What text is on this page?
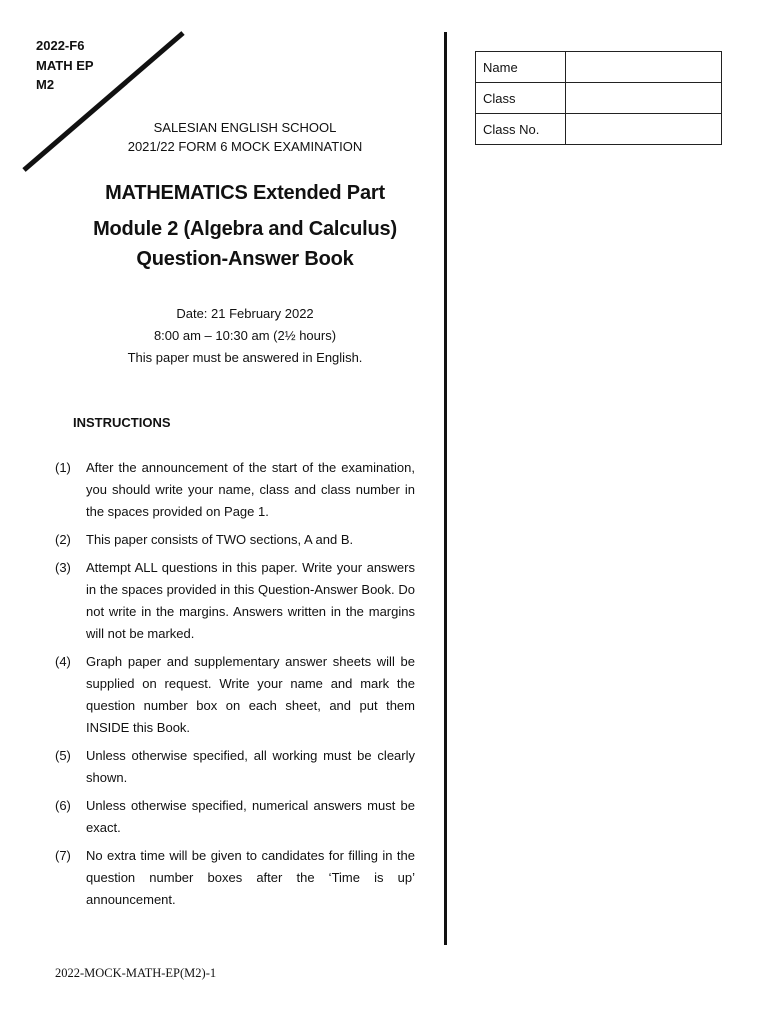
2022-F6
MATH EP
M2
SALESIAN ENGLISH SCHOOL
2021/22 FORM 6 MOCK EXAMINATION
MATHEMATICS Extended Part
Module 2 (Algebra and Calculus)
Question-Answer Book
Date: 21 February 2022
8:00 am – 10:30 am (2½ hours)
This paper must be answered in English.
INSTRUCTIONS
(1)	After the announcement of the start of the examination, you should write your name, class and class number in the spaces provided on Page 1.
(2)	This paper consists of TWO sections, A and B.
(3)	Attempt ALL questions in this paper. Write your answers in the spaces provided in this Question-Answer Book. Do not write in the margins. Answers written in the margins will not be marked.
(4)	Graph paper and supplementary answer sheets will be supplied on request. Write your name and mark the question number box on each sheet, and put them INSIDE this Book.
(5)	Unless otherwise specified, all working must be clearly shown.
(6)	Unless otherwise specified, numerical answers must be exact.
(7)	No extra time will be given to candidates for filling in the question number boxes after the ‘Time is up’ announcement.
Name	
Class	
Class No.	
2022-MOCK-MATH-EP(M2)-1
